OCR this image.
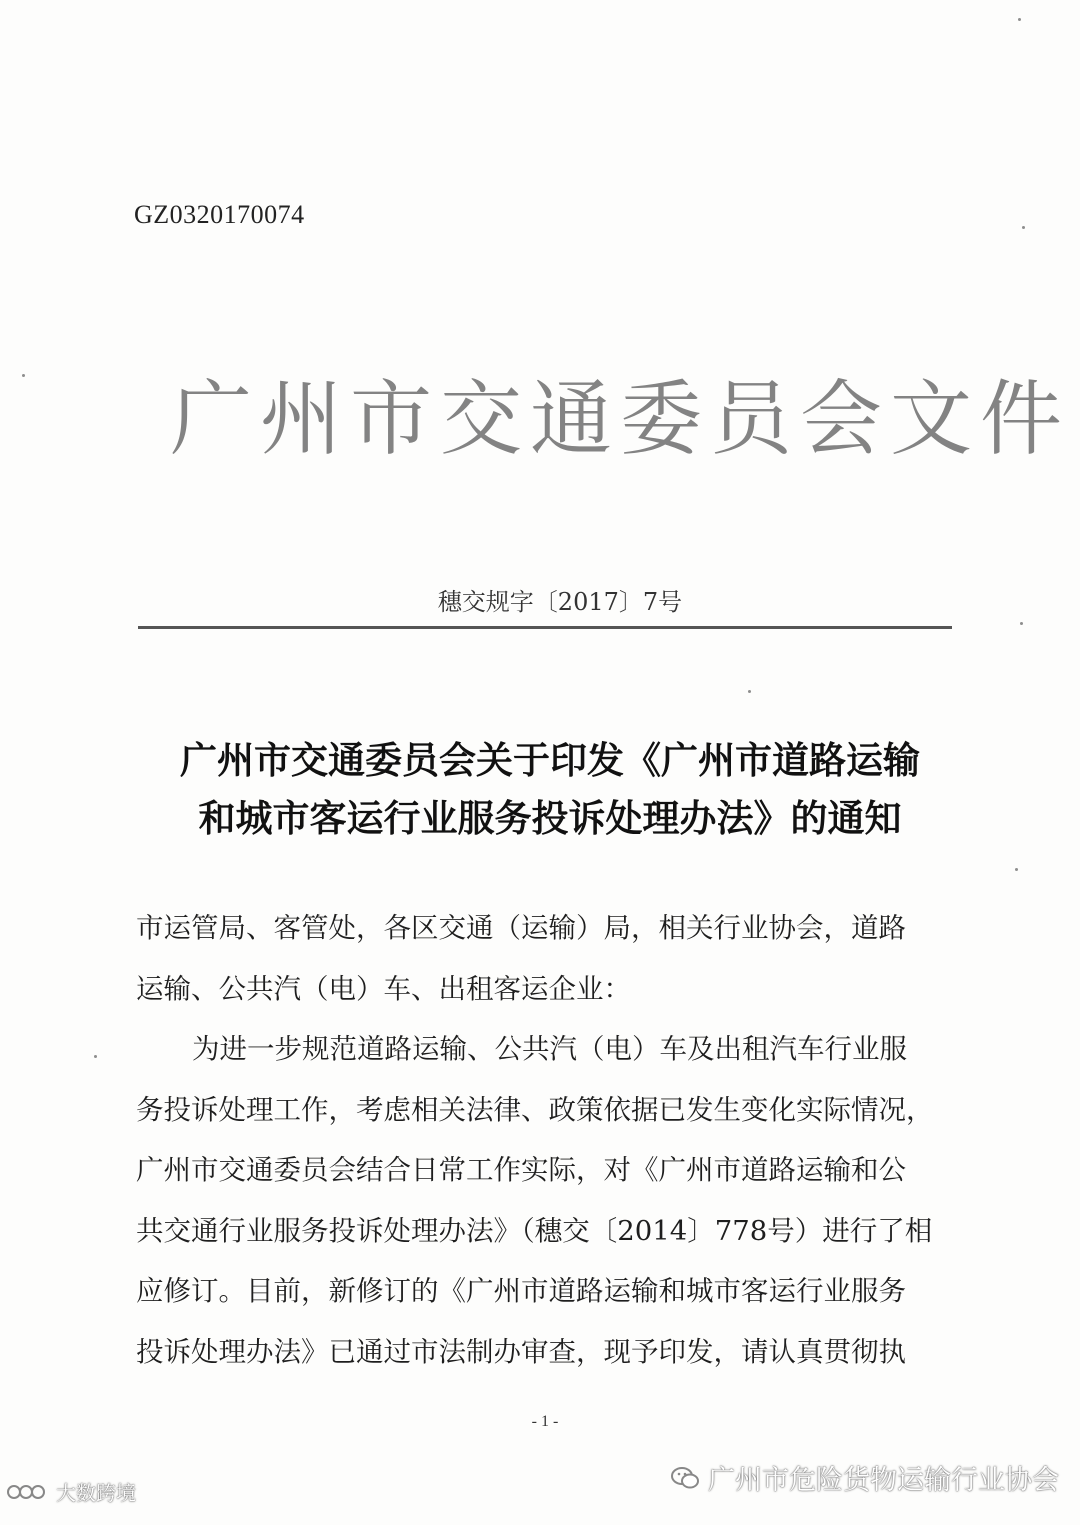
GZ0320170074
广州市交通委员会文件
穗交规字〔2017〕7号
广州市交通委员会关于印发《广州市道路运输
和城市客运行业服务投诉处理办法》的通知
市运管局、客管处，各区交通（运输）局，相关行业协会，道路
运输、公共汽（电）车、出租客运企业：
为进一步规范道路运输、公共汽（电）车及出租汽车行业服
务投诉处理工作，考虑相关法律、政策依据已发生变化实际情况，
广州市交通委员会结合日常工作实际，对《广州市道路运输和公
共交通行业服务投诉处理办法》（穗交〔2014〕778号）进行了相
应修订。目前，新修订的《广州市道路运输和城市客运行业服务
投诉处理办法》已通过市法制办审查，现予印发，请认真贯彻执
- 1 -
广州市危险货物运输行业协会
大数跨境
